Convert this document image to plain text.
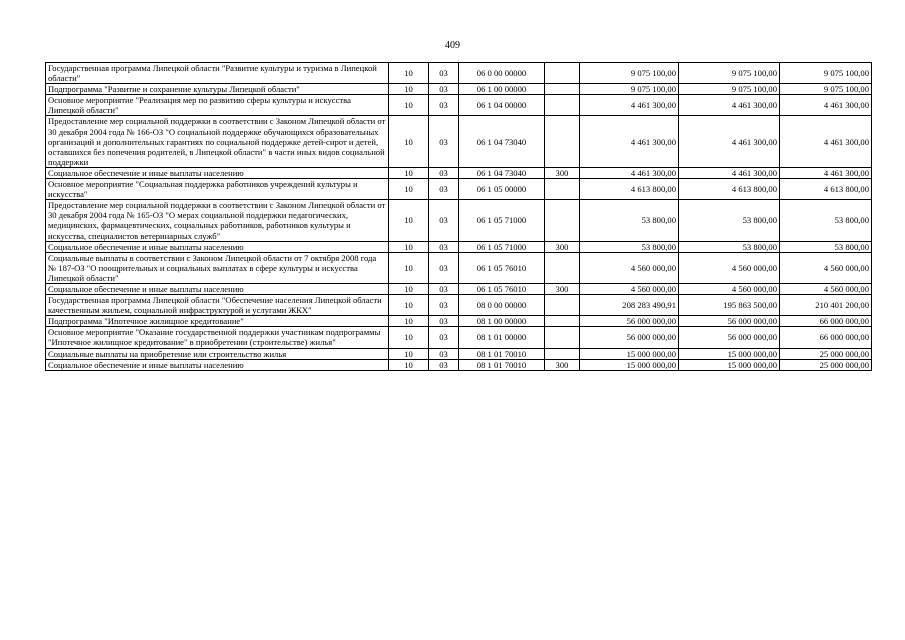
409
Государственная программа Липецкой области "Развитие культуры и туризма в Липецкой области"	10	03	06 0 00 00000		9 075 100,00	9 075 100,00	9 075 100,00
Подпрограмма "Развитие и сохранение культуры Липецкой области"	10	03	06 1 00 00000		9 075 100,00	9 075 100,00	9 075 100,00
Основное мероприятие "Реализация мер по развитию сферы культуры и искусства Липецкой области"	10	03	06 1 04 00000		4 461 300,00	4 461 300,00	4 461 300,00
Предоставление мер социальной поддержки в соответствии с Законом Липецкой области от 30 декабря 2004 года № 166-ОЗ "О социальной поддержке обучающихся образовательных организаций и дополнительных гарантиях по социальной поддержке детей-сирот и детей, оставшихся без попечения родителей, в Липецкой области" в части иных видов социальной поддержки	10	03	06 1 04 73040		4 461 300,00	4 461 300,00	4 461 300,00
Социальное обеспечение и иные выплаты населению	10	03	06 1 04 73040	300	4 461 300,00	4 461 300,00	4 461 300,00
Основное мероприятие "Социальная поддержка работников учреждений культуры и искусства"	10	03	06 1 05 00000		4 613 800,00	4 613 800,00	4 613 800,00
Предоставление мер социальной поддержки в соответствии с Законом Липецкой области от 30 декабря 2004 года № 165-ОЗ "О мерах социальной поддержки педагогических, медицинских, фармацевтических, социальных работников, работников культуры и искусства, специалистов ветеринарных служб"	10	03	06 1 05 71000		53 800,00	53 800,00	53 800,00
Социальное обеспечение и иные выплаты населению	10	03	06 1 05 71000	300	53 800,00	53 800,00	53 800,00
Социальные выплаты в соответствии с Законом Липецкой области от 7 октября 2008 года № 187-ОЗ "О поощрительных и социальных выплатах в сфере культуры и искусства Липецкой области"	10	03	06 1 05 76010		4 560 000,00	4 560 000,00	4 560 000,00
Социальное обеспечение и иные выплаты населению	10	03	06 1 05 76010	300	4 560 000,00	4 560 000,00	4 560 000,00
Государственная программа Липецкой области "Обеспечение населения Липецкой области качественным жильем, социальной инфраструктурой и услугами ЖКХ"	10	03	08 0 00 00000		208 283 490,91	195 863 500,00	210 401 200,00
Подпрограмма "Ипотечное жилищное кредитование"	10	03	08 1 00 00000		56 000 000,00	56 000 000,00	66 000 000,00
Основное мероприятие "Оказание государственной поддержки участникам подпрограммы "Ипотечное жилищное кредитование" в приобретении (строительстве) жилья"	10	03	08 1 01 00000		56 000 000,00	56 000 000,00	66 000 000,00
Социальные выплаты на приобретение или строительство жилья	10	03	08 1 01 70010		15 000 000,00	15 000 000,00	25 000 000,00
Социальное обеспечение и иные выплаты населению	10	03	08 1 01 70010	300	15 000 000,00	15 000 000,00	25 000 000,00
